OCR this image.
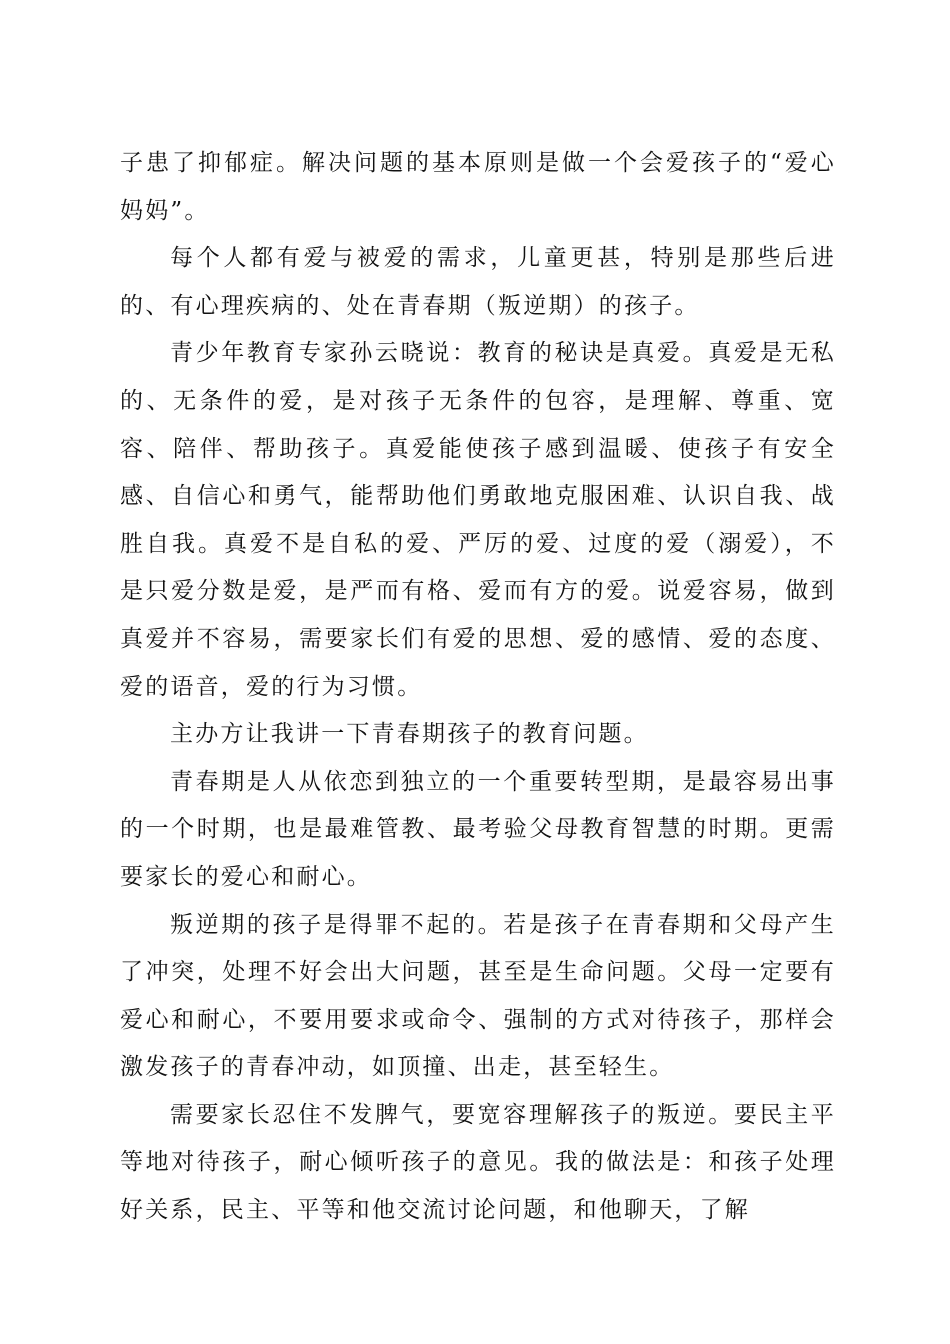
子患了抑郁症。解决问题的基本原则是做一个会爱孩子的“爱心妈妈”。

每个人都有爱与被爱的需求，儿童更甚，特别是那些后进的、有心理疾病的、处在青春期（叛逆期）的孩子。

青少年教育专家孙云晓说：教育的秘诀是真爱。真爱是无私的、无条件的爱，是对孩子无条件的包容，是理解、尊重、宽容、陪伴、帮助孩子。真爱能使孩子感到温暖、使孩子有安全感、自信心和勇气，能帮助他们勇敢地克服困难、认识自我、战胜自我。真爱不是自私的爱、严厉的爱、过度的爱（溺爱），不是只爱分数是爱，是严而有格、爱而有方的爱。说爱容易，做到真爱并不容易，需要家长们有爱的思想、爱的感情、爱的态度、爱的语音，爱的行为习惯。

主办方让我讲一下青春期孩子的教育问题。

青春期是人从依恋到独立的一个重要转型期，是最容易出事的一个时期，也是最难管教、最考验父母教育智慧的时期。更需要家长的爱心和耐心。

叛逆期的孩子是得罪不起的。若是孩子在青春期和父母产生了冲突，处理不好会出大问题，甚至是生命问题。父母一定要有爱心和耐心，不要用要求或命令、强制的方式对待孩子，那样会激发孩子的青春冲动，如顶撞、出走，甚至轻生。

需要家长忍住不发脾气，要宽容理解孩子的叛逆。要民主平等地对待孩子，耐心倾听孩子的意见。我的做法是：和孩子处理好关系，民主、平等和他交流讨论问题，和他聊天，了解
